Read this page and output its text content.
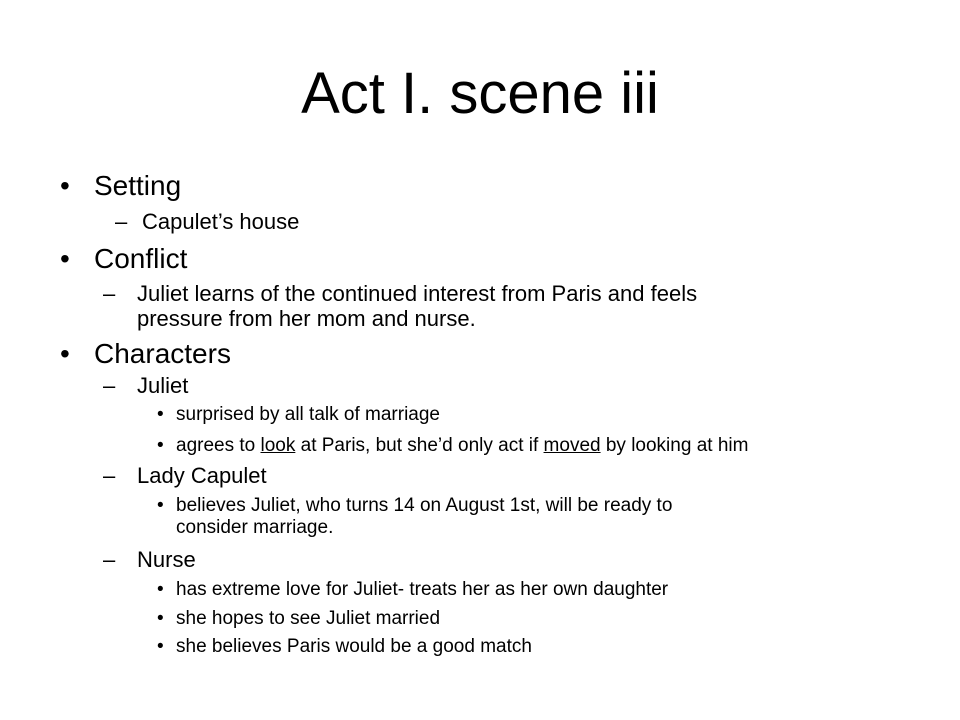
Act I. scene iii
• Setting
– Capulet’s house
• Conflict
– Juliet learns of the continued interest from Paris and feels
pressure from her mom and nurse.
• Characters
– Juliet
• surprised by all talk of marriage
• agrees to look at Paris, but she’d only act if moved by looking at him
– Lady Capulet
• believes Juliet, who turns 14 on August 1st, will be ready to
consider marriage.
– Nurse
• has extreme love for Juliet- treats her as her own daughter
• she hopes to see Juliet married
• she believes Paris would be a good match
